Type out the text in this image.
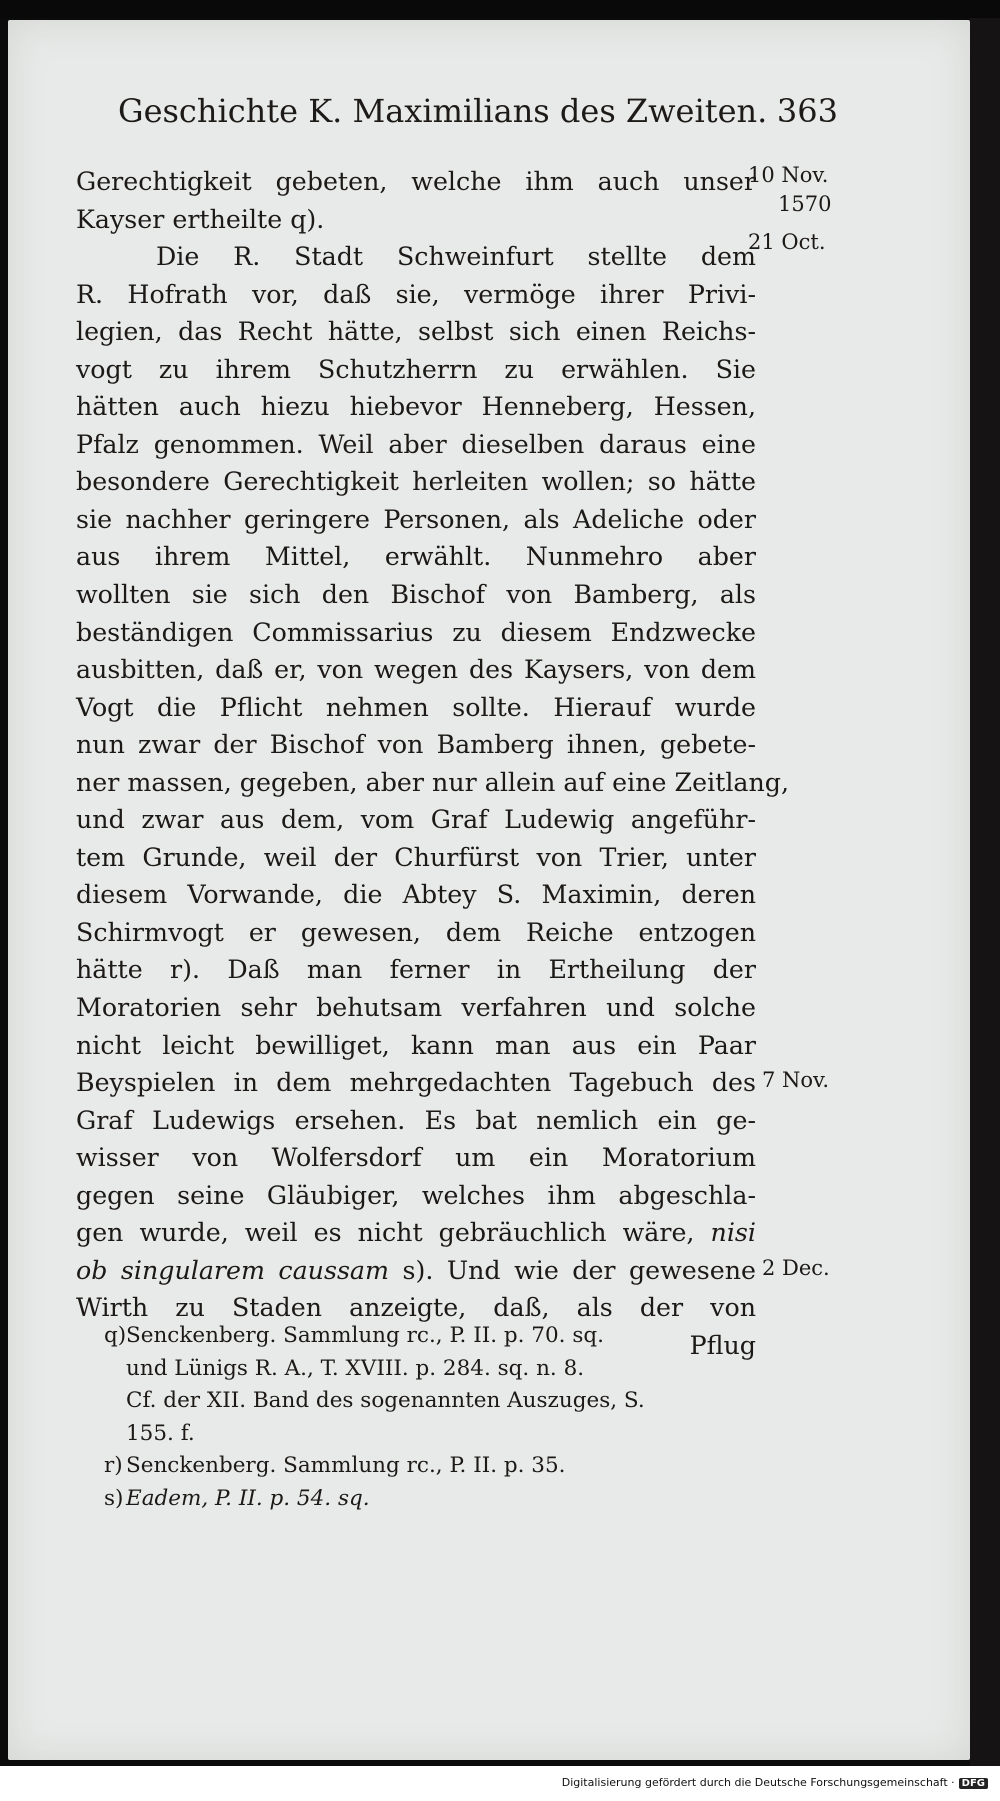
Geschichte K. Maximilians des Zweiten. 363
Gerechtigkeit gebeten, welche ihm auch unser
Kayser ertheilte q).
Die R. Stadt Schweinfurt stellte dem
R. Hofrath vor, daß sie, vermöge ihrer Privi-
legien, das Recht hätte, selbst sich einen Reichs-
vogt zu ihrem Schutzherrn zu erwählen. Sie
hätten auch hiezu hiebevor Henneberg, Hessen,
Pfalz genommen. Weil aber dieselben daraus eine
besondere Gerechtigkeit herleiten wollen; so hätte
sie nachher geringere Personen, als Adeliche oder
aus ihrem Mittel, erwählt. Nunmehro aber
wollten sie sich den Bischof von Bamberg, als
beständigen Commissarius zu diesem Endzwecke
ausbitten, daß er, von wegen des Kaysers, von dem
Vogt die Pflicht nehmen sollte. Hierauf wurde
nun zwar der Bischof von Bamberg ihnen, gebete-
ner massen, gegeben, aber nur allein auf eine Zeitlang,
und zwar aus dem, vom Graf Ludewig angeführ-
tem Grunde, weil der Churfürst von Trier, unter
diesem Vorwande, die Abtey S. Maximin, deren
Schirmvogt er gewesen, dem Reiche entzogen
hätte r). Daß man ferner in Ertheilung der
Moratorien sehr behutsam verfahren und solche
nicht leicht bewilliget, kann man aus ein Paar
Beyspielen in dem mehrgedachten Tagebuch des
Graf Ludewigs ersehen. Es bat nemlich ein ge-
wisser von Wolfersdorf um ein Moratorium
gegen seine Gläubiger, welches ihm abgeschla-
gen wurde, weil es nicht gebräuchlich wäre, nisi
ob singularem caussam s). Und wie der gewesene
Wirth zu Staden anzeigte, daß, als der von
Pflug
10 Nov.
1570
21 Oct.
7 Nov.
2 Dec.
q) Senckenberg. Sammlung rc., P. II. p. 70. sq.
und Lünigs R. A., T. XVIII. p. 284. sq. n. 8.
Cf. der XII. Band des sogenannten Auszuges, S.
155. f.
r) Senckenberg. Sammlung rc., P. II. p. 35.
s) Eadem, P. II. p. 54. sq.
Digitalisierung gefördert durch die Deutsche Forschungsgemeinschaft · DFG
